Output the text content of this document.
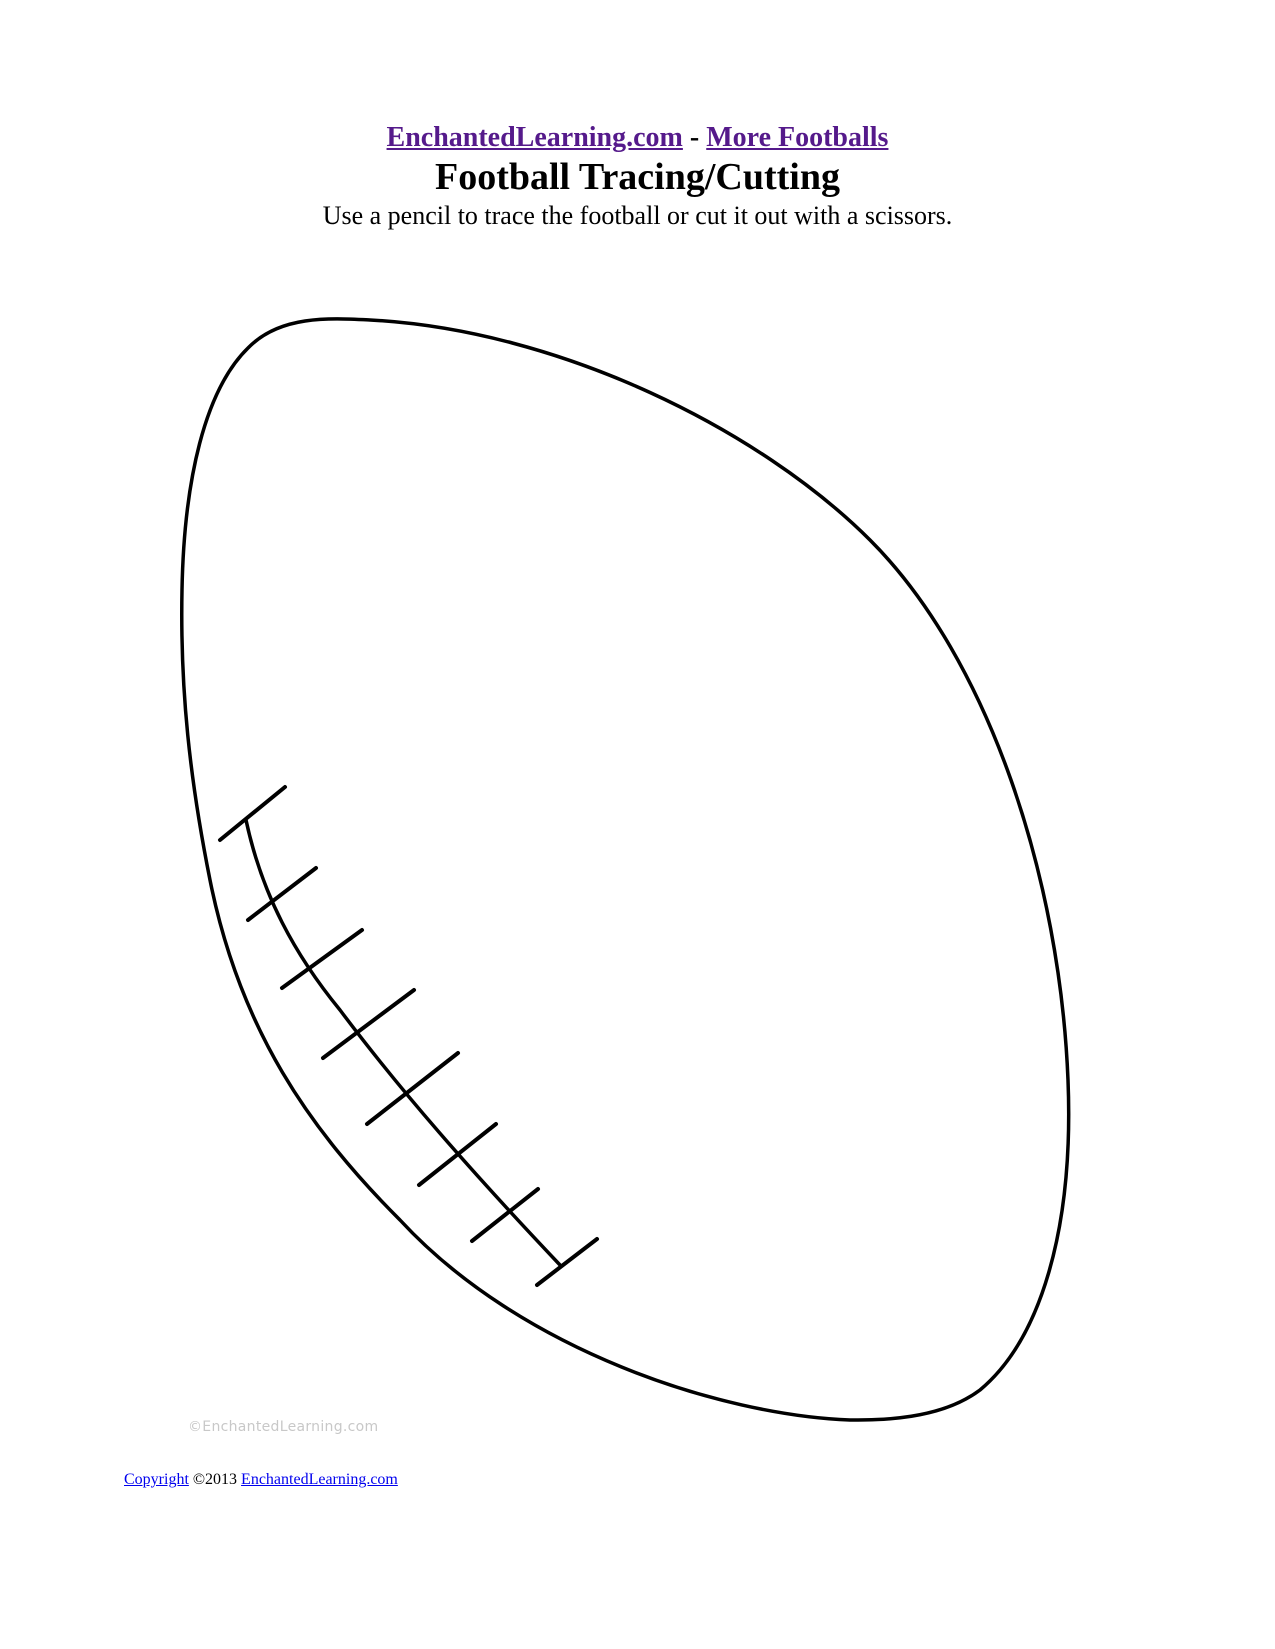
EnchantedLearning.com - More Footballs
Football Tracing/Cutting
Use a pencil to trace the football or cut it out with a scissors.
©EnchantedLearning.com
Copyright ©2013 EnchantedLearning.com
